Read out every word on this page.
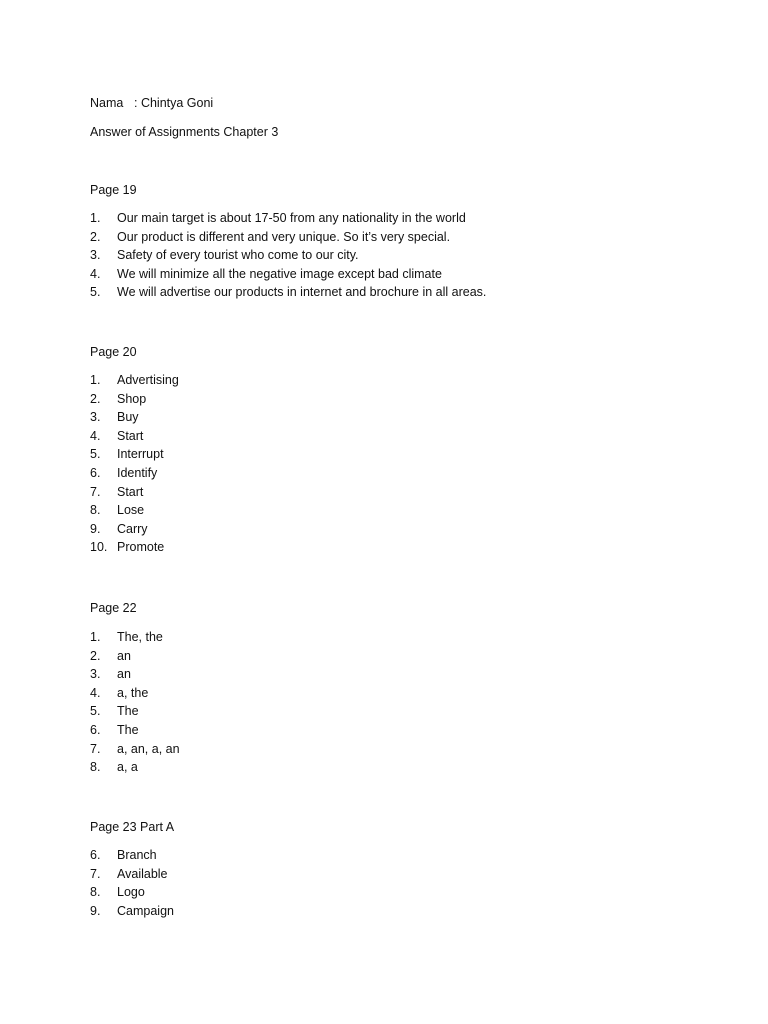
Nama : Chintya Goni
Answer of Assignments Chapter 3
Page 19
1.	Our main target is about 17-50 from any nationality in the world
2.	Our product is different and very unique. So it’s very special.
3.	Safety of every tourist who come to our city.
4.	We will minimize all the negative image except bad climate
5.	We will advertise our products in internet and brochure in all areas.
Page 20
1.	Advertising
2.	Shop
3.	Buy
4.	Start
5.	Interrupt
6.	Identify
7.	Start
8.	Lose
9.	Carry
10. Promote
Page 22
1.	The, the
2.	an
3.	an
4.	a, the
5.	The
6.	The
7.	a, an, a, an
8.	a, a
Page 23 Part A
6.	Branch
7.	Available
8.	Logo
9.	Campaign
